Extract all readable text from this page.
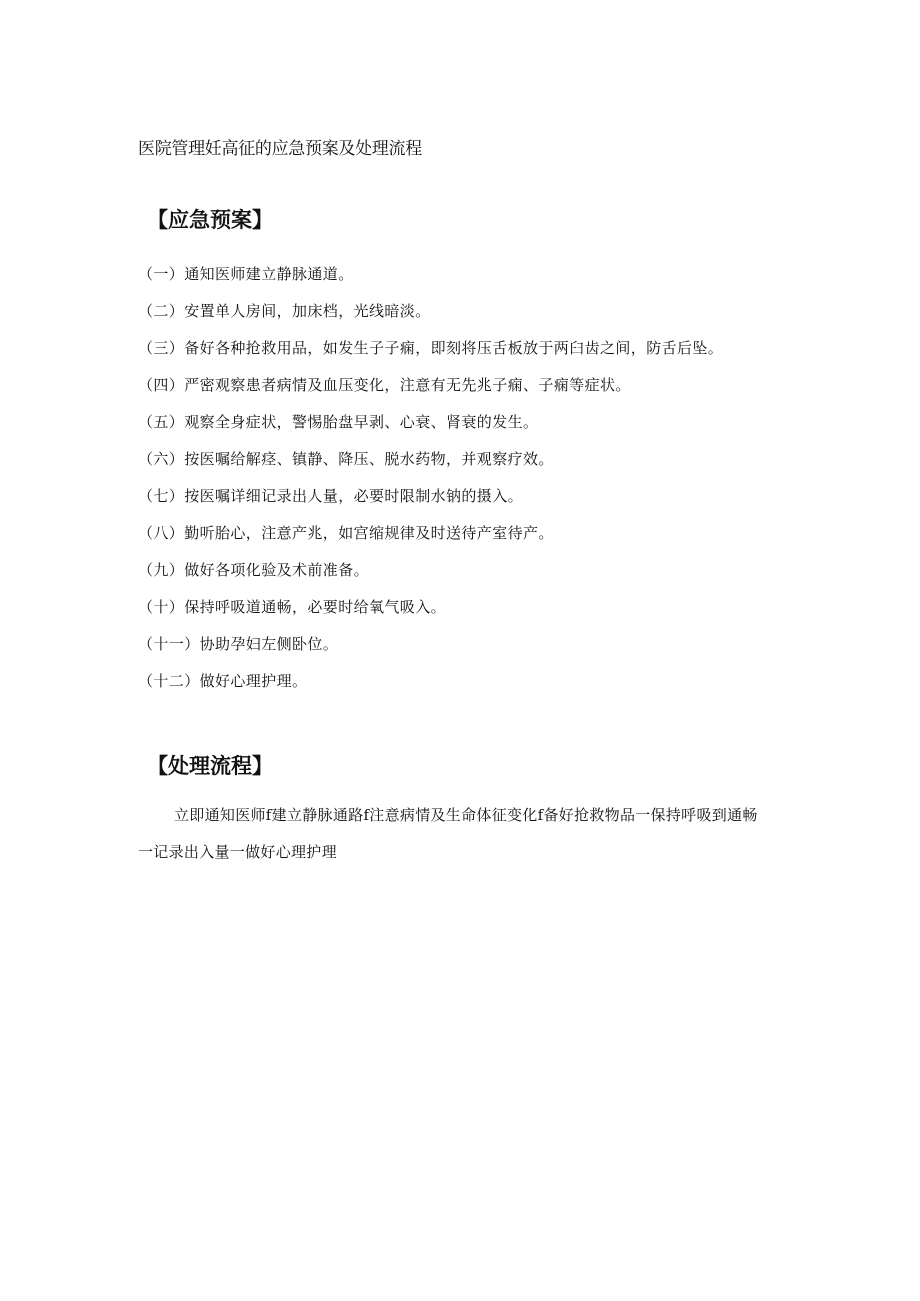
医院管理妊高征的应急预案及处理流程
【应急预案】
（一）通知医师建立静脉通道。
（二）安置单人房间，加床档，光线暗淡。
（三）备好各种抢救用品，如发生子子痫，即刻将压舌板放于两臼齿之间，防舌后坠。
（四）严密观察患者病情及血压变化，注意有无先兆子痫、子痫等症状。
（五）观察全身症状，警惕胎盘早剥、心衰、肾衰的发生。
（六）按医嘱给解痉、镇静、降压、脱水药物，并观察疗效。
（七）按医嘱详细记录出人量，必要时限制水钠的摄入。
（八）勤听胎心，注意产兆，如宫缩规律及时送待产室待产。
（九）做好各项化验及术前准备。
（十）保持呼吸道通畅，必要时给氧气吸入。
（十一）协助孕妇左侧卧位。
（十二）做好心理护理。
【处理流程】

立即通知医师f建立静脉通路f注意病情及生命体征变化f备好抢救物品一保持呼吸到通畅一记录出入量一做好心理护理
